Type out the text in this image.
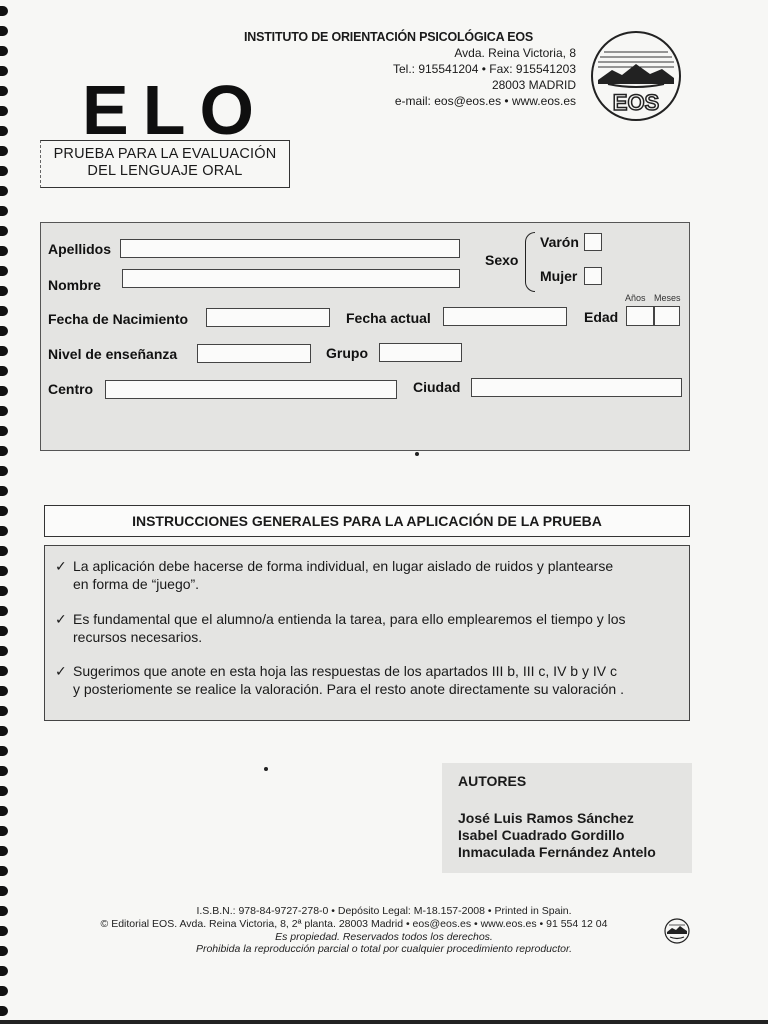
INSTITUTO DE ORIENTACIÓN PSICOLÓGICA EOS
Avda. Reina Victoria, 8
Tel.: 915541204 • Fax: 915541203
28003 MADRID
e-mail: eos@eos.es • www.eos.es EOS
ELO
PRUEBA PARA LA EVALUACIÓN
DEL LENGUAJE ORAL
Apellidos
Nombre
Sexo
Varón
Mujer
Años Meses
Fecha de Nacimiento	Fecha actual	Edad
Nivel de enseñanza	Grupo
Centro	Ciudad
INSTRUCCIONES GENERALES PARA LA APLICACIÓN DE LA PRUEBA
✓ La aplicación debe hacerse de forma individual, en lugar aislado de ruidos y plantearse
en forma de “juego”.
✓ Es fundamental que el alumno/a entienda la tarea, para ello emplearemos el tiempo y los
recursos necesarios.
✓ Sugerimos que anote en esta hoja las respuestas de los apartados III b, III c, IV b y IV c
y posteriomente se realice la valoración. Para el resto anote directamente su valoración .
AUTORES
José Luis Ramos Sánchez
Isabel Cuadrado Gordillo
Inmaculada Fernández Antelo
I.S.B.N.: 978-84-9727-278-0 • Depósito Legal: M-18.157-2008 • Printed in Spain.
© Editorial EOS. Avda. Reina Victoria, 8, 2ª planta. 28003 Madrid • eos@eos.es • www.eos.es • 91 554 12 04
Es propiedad. Reservados todos los derechos.
Prohibida la reproducción parcial o total por cualquier procedimiento reproductor.
